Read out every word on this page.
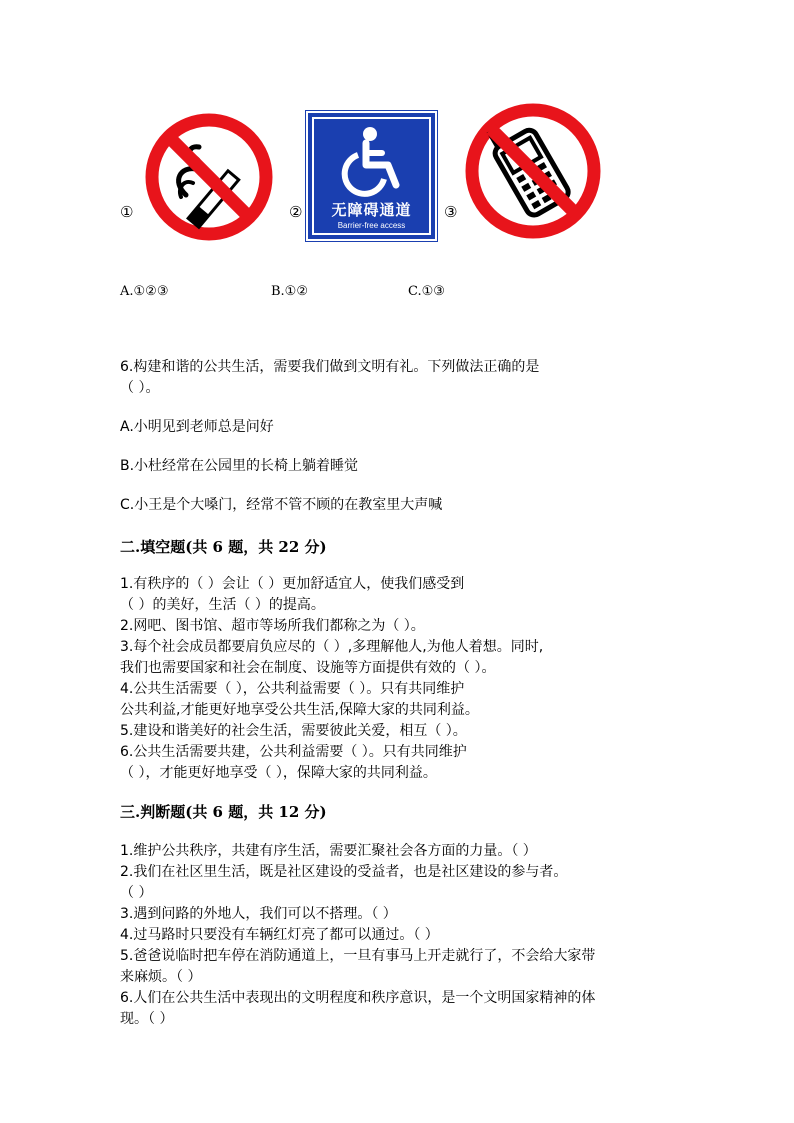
①	②	无障碍通道
Barrier-free access
③
A.①②③	B.①②	C.①③
6.构建和谐的公共生活，需要我们做到文明有礼。下列做法正确的是
（ ）。
A.小明见到老师总是问好
B.小杜经常在公园里的长椅上躺着睡觉
C.小王是个大嗓门，经常不管不顾的在教室里大声喊
二.填空题(共 6 题，共 22 分)
1.有秩序的（ ）会让（ ）更加舒适宜人，使我们感受到
（ ）的美好，生活（ ）的提高。
2.网吧、图书馆、超市等场所我们都称之为（ ）。
3.每个社会成员都要肩负应尽的（ ）,多理解他人,为他人着想。同时,
我们也需要国家和社会在制度、设施等方面提供有效的（ ）。
4.公共生活需要（ ），公共利益需要（ ）。只有共同维护
公共利益,才能更好地享受公共生活,保障大家的共同利益。
5.建设和谐美好的社会生活，需要彼此关爱，相互（ ）。
6.公共生活需要共建，公共利益需要（ ）。只有共同维护
（ ），才能更好地享受（ ），保障大家的共同利益。
三.判断题(共 6 题，共 12 分)
1.维护公共秩序，共建有序生活，需要汇聚社会各方面的力量。（ ）
2.我们在社区里生活，既是社区建设的受益者，也是社区建设的参与者。
（ ）
3.遇到问路的外地人，我们可以不搭理。（ ）
4.过马路时只要没有车辆红灯亮了都可以通过。（ ）
5.爸爸说临时把车停在消防通道上，一旦有事马上开走就行了，不会给大家带
来麻烦。（ ）
6.人们在公共生活中表现出的文明程度和秩序意识，是一个文明国家精神的体
现。（ ）
